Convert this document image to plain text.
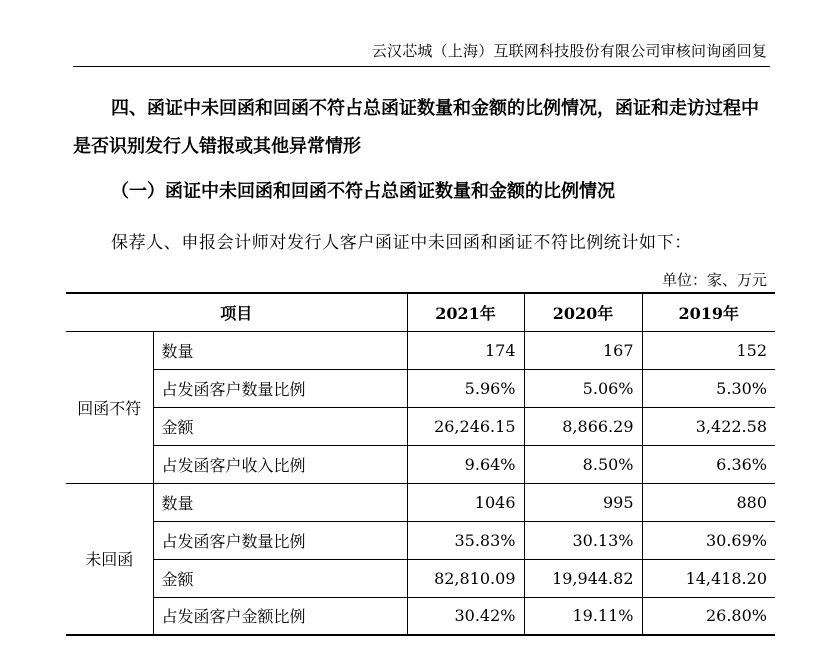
云汉芯城（上海）互联网科技股份有限公司审核问询函回复

四、函证中未回函和回函不符占总函证数量和金额的比例情况，函证和走访过程中是否识别发行人错报或其他异常情形

（一）函证中未回函和回函不符占总函证数量和金额的比例情况

保荐人、申报会计师对发行人客户函证中未回函和函证不符比例统计如下：

单位：家、万元
项目		2021年	2020年	2019年
回函不符	数量	174	167	152
	占发函客户数量比例	5.96%	5.06%	5.30%
	金额	26,246.15	8,866.29	3,422.58
	占发函客户收入比例	9.64%	8.50%	6.36%
未回函	数量	1046	995	880
	占发函客户数量比例	35.83%	30.13%	30.69%
	金额	82,810.09	19,944.82	14,418.20
	占发函客户金额比例	30.42%	19.11%	26.80%
